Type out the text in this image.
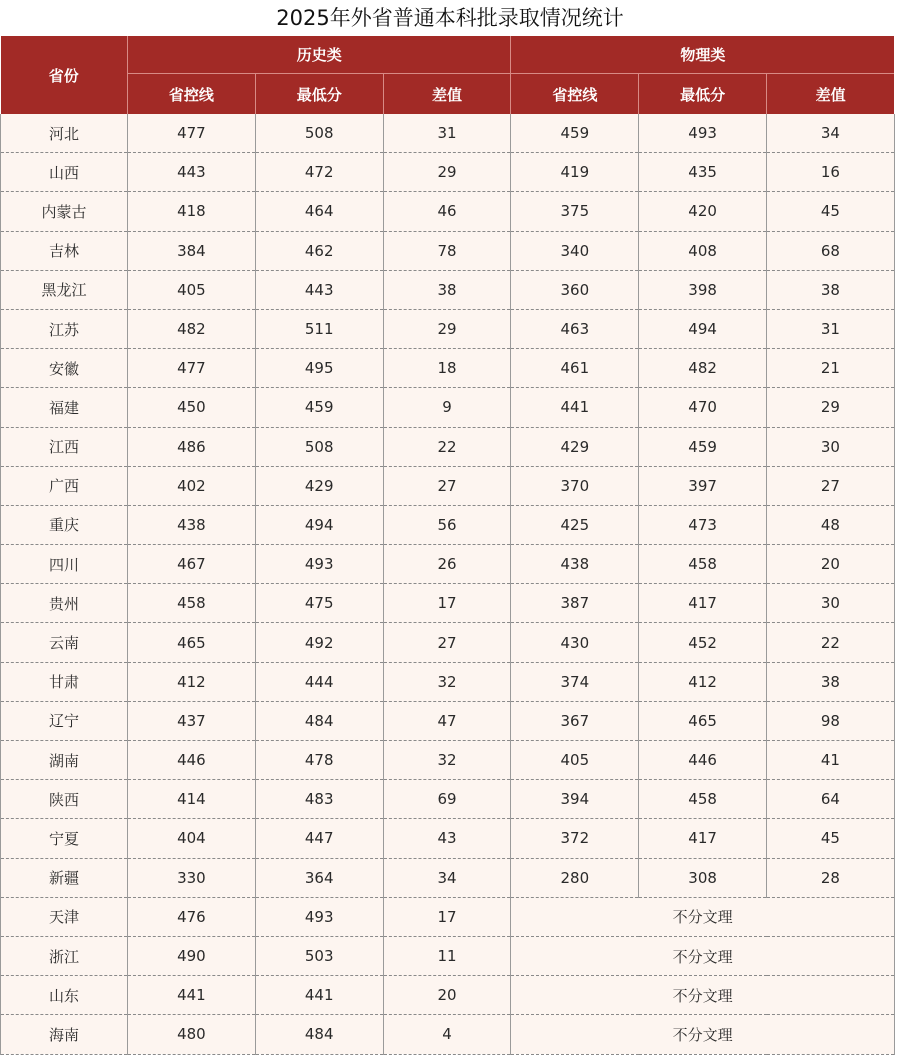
2025年外省普通本科批录取情况统计
省份	历史类			物理类		
	省控线	最低分	差值	省控线	最低分	差值
河北	477	508	31	459	493	34
山西	443	472	29	419	435	16
内蒙古	418	464	46	375	420	45
吉林	384	462	78	340	408	68
黑龙江	405	443	38	360	398	38
江苏	482	511	29	463	494	31
安徽	477	495	18	461	482	21
福建	450	459	9	441	470	29
江西	486	508	22	429	459	30
广西	402	429	27	370	397	27
重庆	438	494	56	425	473	48
四川	467	493	26	438	458	20
贵州	458	475	17	387	417	30
云南	465	492	27	430	452	22
甘肃	412	444	32	374	412	38
辽宁	437	484	47	367	465	98
湖南	446	478	32	405	446	41
陕西	414	483	69	394	458	64
宁夏	404	447	43	372	417	45
新疆	330	364	34	280	308	28
天津	476	493	17	不分文理		
浙江	490	503	11	不分文理		
山东	441	441	20	不分文理		
海南	480	484	4	不分文理		
